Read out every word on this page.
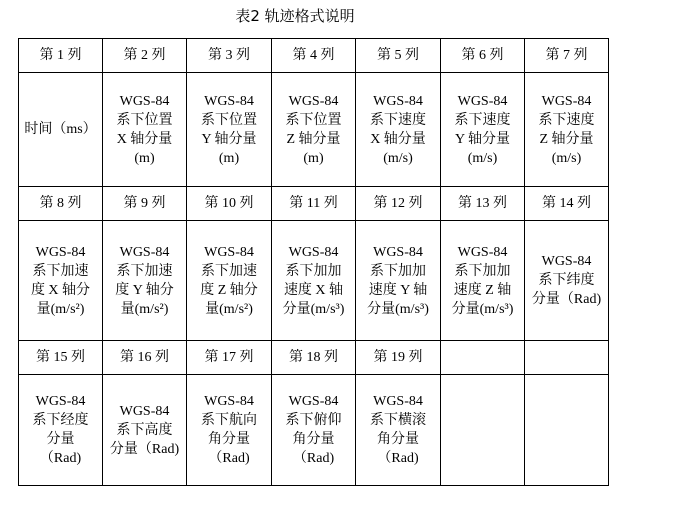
表2 轨迹格式说明
第 1 列	第 2 列	第 3 列	第 4 列	第 5 列	第 6 列	第 7 列

时间（ms）	WGS-84
系下位置
X 轴分量
(m)	WGS-84
系下位置
Y 轴分量
(m)	WGS-84
系下位置
Z 轴分量
(m)	WGS-84
系下速度
X 轴分量
(m/s)	WGS-84
系下速度
Y 轴分量
(m/s)	WGS-84
系下速度
Z 轴分量
(m/s)

第 8 列	第 9 列	第 10 列	第 11 列	第 12 列	第 13 列	第 14 列

WGS-84
系下加速
度 X 轴分
量(m/s²)	WGS-84
系下加速
度 Y 轴分
量(m/s²)	WGS-84
系下加速
度 Z 轴分
量(m/s²)	WGS-84
系下加加
速度 X 轴
分量(m/s³)	WGS-84
系下加加
速度 Y 轴
分量(m/s³)	WGS-84
系下加加
速度 Z 轴
分量(m/s³)	WGS-84
系下纬度
分量（Rad)

第 15 列	第 16 列	第 17 列	第 18 列	第 19 列		

WGS-84
系下经度
分量
（Rad)	WGS-84
系下高度
分量（Rad)	WGS-84
系下航向
角分量
（Rad)	WGS-84
系下俯仰
角分量
（Rad)	WGS-84
系下横滚
角分量
（Rad)		
